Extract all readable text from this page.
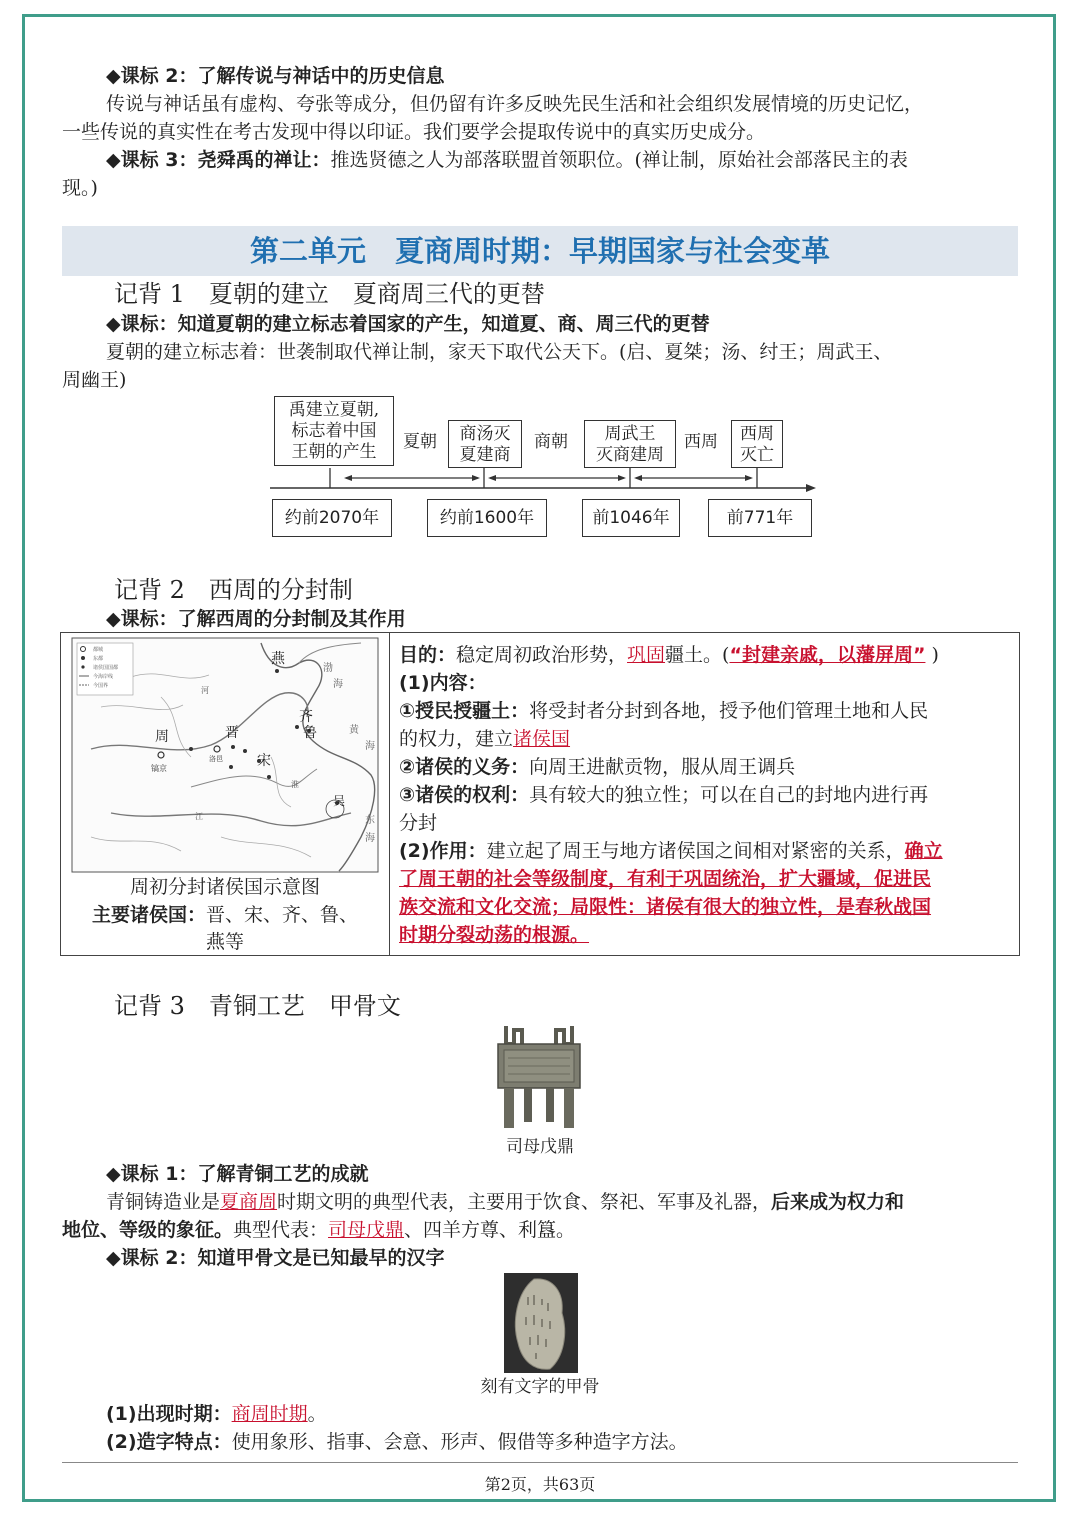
◆课标 2：了解传说与神话中的历史信息
传说与神话虽有虚构、夸张等成分，但仍留有许多反映先民生活和社会组织发展情境的历史记忆，
一些传说的真实性在考古发现中得以印证。我们要学会提取传说中的真实历史成分。
◆课标 3：尧舜禹的禅让：推选贤德之人为部落联盟首领职位。(禅让制，原始社会部落民主的表
现。)
第二单元　夏商周时期：早期国家与社会变革
记背 1　夏朝的建立　夏商周三代的更替
◆课标：知道夏朝的建立标志着国家的产生，知道夏、商、周三代的更替
夏朝的建立标志着：世袭制取代禅让制，家天下取代公天下。(启、夏桀；汤、纣王；周武王、
周幽王)
禹建立夏朝,
标志着中国
王朝的产生	夏朝	商汤灭
夏建商
商朝	周武王
灭商建周
西周	西周
灭亡
约前2070年	约前1600年	前1046年	前771年
记背 2　西周的分封制
◆课标：了解西周的分封制及其作用
都城
东都
诸侯国国都
今海岸线
今国界
燕
齐
鲁
晋
宋
周
吴
镐京
洛邑
河
江
淮
渤
海
黄
海
东
海
周初分封诸侯国示意图
主要诸侯国：晋、宋、齐、鲁、
燕等
目的：稳定周初政治形势，巩固疆土。(“封建亲戚，以藩屏周” )
(1)内容：
①授民授疆土：将受封者分封到各地，授予他们管理土地和人民
的权力，建立诸侯国
②诸侯的义务：向周王进献贡物，服从周王调兵
③诸侯的权利：具有较大的独立性；可以在自己的封地内进行再
分封
(2)作用：建立起了周王与地方诸侯国之间相对紧密的关系，确立
了周王朝的社会等级制度，有利于巩固统治，扩大疆域，促进民
族交流和文化交流；局限性：诸侯有很大的独立性，是春秋战国
时期分裂动荡的根源。
记背 3　青铜工艺　甲骨文
司母戊鼎
◆课标 1：了解青铜工艺的成就
青铜铸造业是夏商周时期文明的典型代表，主要用于饮食、祭祀、军事及礼器，后来成为权力和
地位、等级的象征。典型代表：司母戊鼎、四羊方尊、利簋。
◆课标 2：知道甲骨文是已知最早的汉字
刻有文字的甲骨
(1)出现时期：商周时期。
(2)造字特点：使用象形、指事、会意、形声、假借等多种造字方法。
第2页，共63页
